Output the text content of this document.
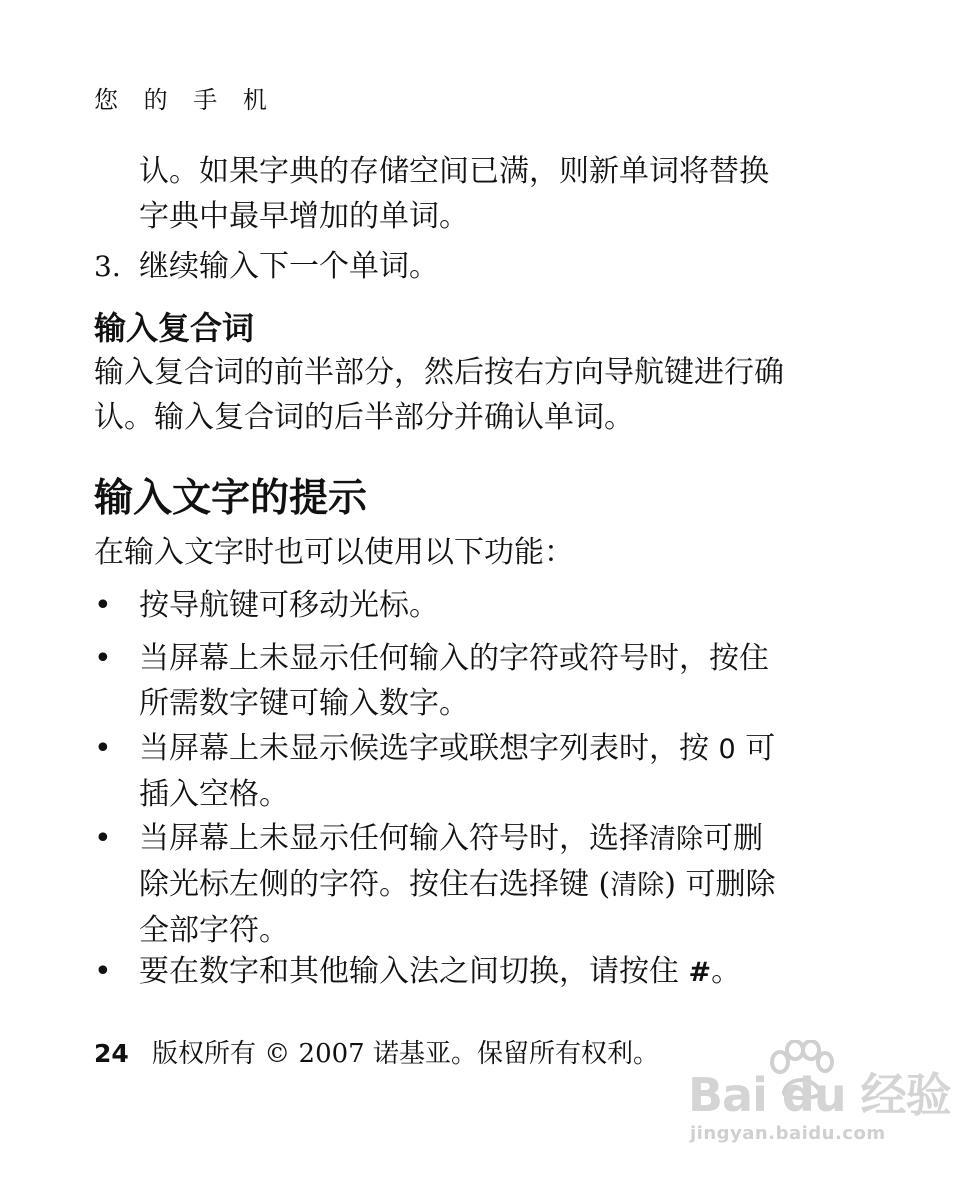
您 的 手 机
认。如果字典的存储空间已满，则新单词将替换
字典中最早增加的单词。
3. 继续输入下一个单词。
输入复合词
输入复合词的前半部分，然后按右方向导航键进行确
认。输入复合词的后半部分并确认单词。
输入文字的提示
在输入文字时也可以使用以下功能：
• 按导航键可移动光标。
• 当屏幕上未显示任何输入的字符或符号时，按住
所需数字键可输入数字。
• 当屏幕上未显示候选字或联想字列表时，按 0 可
插入空格。
• 当屏幕上未显示任何输入符号时，选择清除可删
除光标左侧的字符。按住右选择键 (清除) 可删除
全部字符。
• 要在数字和其他输入法之间切换，请按住 #。
24 版权所有 © 2007 诺基亚。保留所有权利。
Bai du 经验
jingyan.baidu.com
